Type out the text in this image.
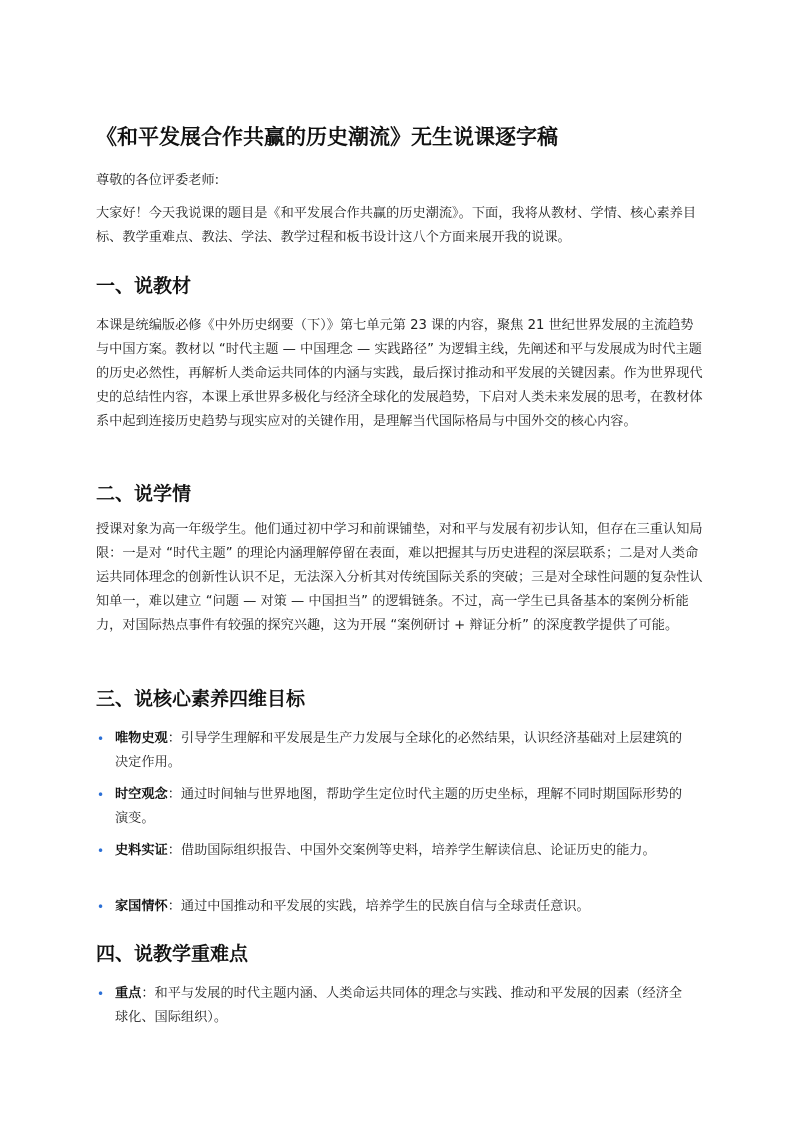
《和平发展合作共赢的历史潮流》无生说课逐字稿

尊敬的各位评委老师:

大家好！今天我说课的题目是《和平发展合作共赢的历史潮流》。下面，我将从教材、学情、核心素养目标、教学重难点、教法、学法、教学过程和板书设计这八个方面来展开我的说课。

一、说教材

本课是统编版必修《中外历史纲要（下）》第七单元第 23 课的内容，聚焦 21 世纪世界发展的主流趋势与中国方案。教材以 “时代主题 — 中国理念 — 实践路径” 为逻辑主线，先阐述和平与发展成为时代主题的历史必然性，再解析人类命运共同体的内涵与实践，最后探讨推动和平发展的关键因素。作为世界现代史的总结性内容，本课上承世界多极化与经济全球化的发展趋势，下启对人类未来发展的思考，在教材体系中起到连接历史趋势与现实应对的关键作用，是理解当代国际格局与中国外交的核心内容。

二、说学情

授课对象为高一年级学生。他们通过初中学习和前课铺垫，对和平与发展有初步认知，但存在三重认知局限：一是对 “时代主题” 的理论内涵理解停留在表面，难以把握其与历史进程的深层联系；二是对人类命运共同体理念的创新性认识不足，无法深入分析其对传统国际关系的突破；三是对全球性问题的复杂性认知单一，难以建立 “问题 — 对策 — 中国担当” 的逻辑链条。不过，高一学生已具备基本的案例分析能力，对国际热点事件有较强的探究兴趣，这为开展 “案例研讨 + 辩证分析” 的深度教学提供了可能。

三、说核心素养四维目标
• 唯物史观：引导学生理解和平发展是生产力发展与全球化的必然结果，认识经济基础对上层建筑的决定作用。
• 时空观念：通过时间轴与世界地图，帮助学生定位时代主题的历史坐标，理解不同时期国际形势的演变。
• 史料实证：借助国际组织报告、中国外交案例等史料，培养学生解读信息、论证历史的能力。
• 家国情怀：通过中国推动和平发展的实践，培养学生的民族自信与全球责任意识。
四、说教学重难点
• 重点：和平与发展的时代主题内涵、人类命运共同体的理念与实践、推动和平发展的因素（经济全球化、国际组织）。
